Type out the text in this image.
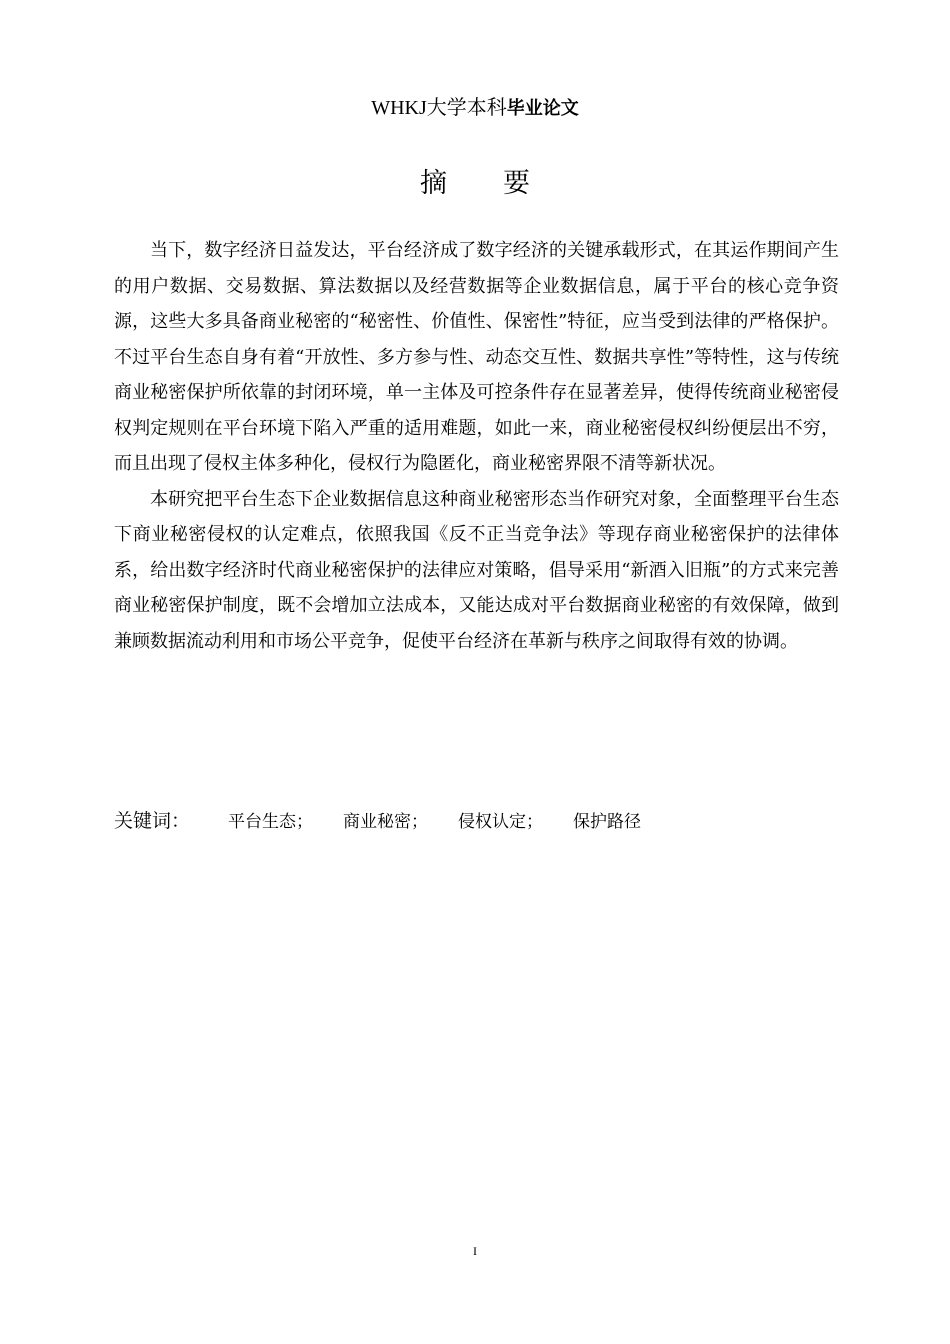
WHKJ大学本科毕业论文
摘要

当下，数字经济日益发达，平台经济成了数字经济的关键承载形式，在其运作期间产生的用户数据、交易数据、算法数据以及经营数据等企业数据信息，属于平台的核心竞争资源，这些大多具备商业秘密的“秘密性、价值性、保密性”特征，应当受到法律的严格保护。不过平台生态自身有着“开放性、多方参与性、动态交互性、数据共享性”等特性，这与传统商业秘密保护所依靠的封闭环境，单一主体及可控条件存在显著差异，使得传统商业秘密侵权判定规则在平台环境下陷入严重的适用难题，如此一来，商业秘密侵权纠纷便层出不穷，而且出现了侵权主体多种化，侵权行为隐匿化，商业秘密界限不清等新状况。

本研究把平台生态下企业数据信息这种商业秘密形态当作研究对象，全面整理平台生态下商业秘密侵权的认定难点，依照我国《反不正当竞争法》等现存商业秘密保护的法律体系，给出数字经济时代商业秘密保护的法律应对策略，倡导采用“新酒入旧瓶”的方式来完善商业秘密保护制度，既不会增加立法成本，又能达成对平台数据商业秘密的有效保障，做到兼顾数据流动利用和市场公平竞争，促使平台经济在革新与秩序之间取得有效的协调。

关键词： 平台生态； 商业秘密； 侵权认定； 保护路径
I
